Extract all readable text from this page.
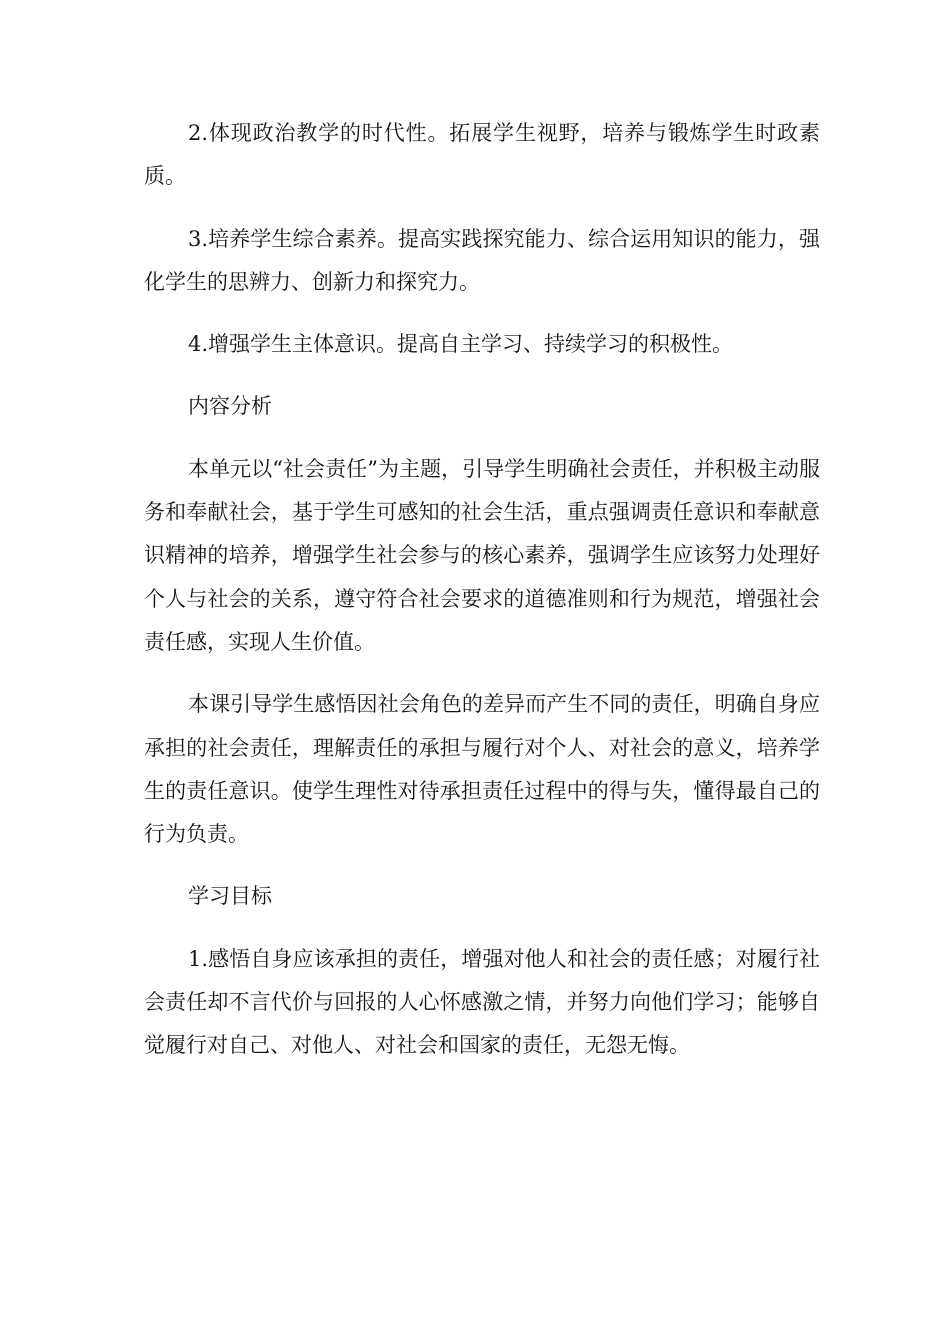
2.体现政治教学的时代性。拓展学生视野，培养与锻炼学生时政素质。

3.培养学生综合素养。提高实践探究能力、综合运用知识的能力，强化学生的思辨力、创新力和探究力。

4.增强学生主体意识。提高自主学习、持续学习的积极性。

内容分析

本单元以“社会责任”为主题，引导学生明确社会责任，并积极主动服务和奉献社会，基于学生可感知的社会生活，重点强调责任意识和奉献意识精神的培养，增强学生社会参与的核心素养，强调学生应该努力处理好个人与社会的关系，遵守符合社会要求的道德准则和行为规范，增强社会责任感，实现人生价值。

本课引导学生感悟因社会角色的差异而产生不同的责任，明确自身应承担的社会责任，理解责任的承担与履行对个人、对社会的意义，培养学生的责任意识。使学生理性对待承担责任过程中的得与失，懂得最自己的行为负责。

学习目标

1.感悟自身应该承担的责任，增强对他人和社会的责任感；对履行社会责任却不言代价与回报的人心怀感激之情，并努力向他们学习；能够自觉履行对自己、对他人、对社会和国家的责任，无怨无悔。
